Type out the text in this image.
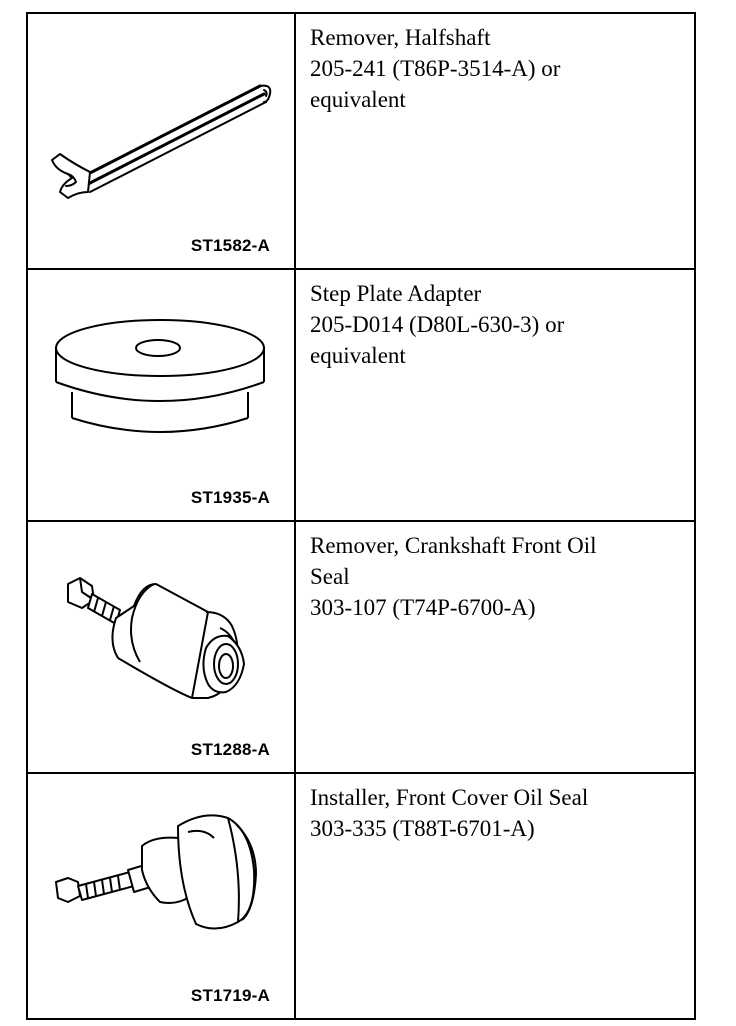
ST1582-A
Remover, Halfshaft
205-241 (T86P-3514-A) or
equivalent
ST1935-A
Step Plate Adapter
205-D014 (D80L-630-3) or
equivalent
ST1288-A
Remover, Crankshaft Front Oil
Seal
303-107 (T74P-6700-A)
ST1719-A
Installer, Front Cover Oil Seal
303-335 (T88T-6701-A)
